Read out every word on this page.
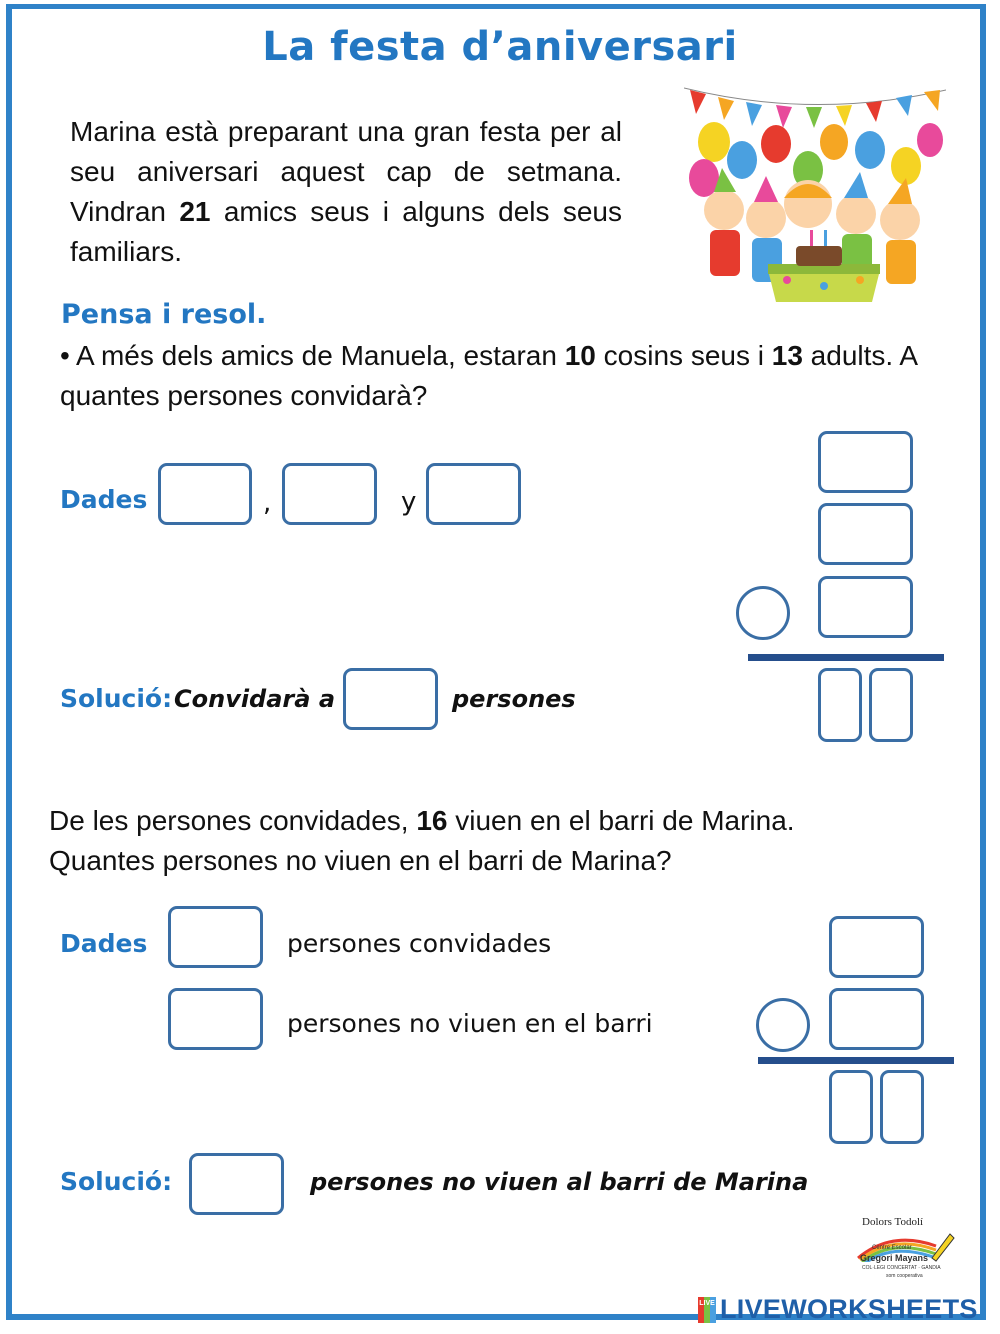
La festa d’aniversari
Marina està preparant una gran festa per al seu aniversari aquest cap de setmana. Vindran 21 amics seus i alguns dels seus familiars.
Pensa i resol.
• A més dels amics de Manuela, estaran 10 cosins seus i 13 adults. A quantes persones convidarà?
Dades	,	y
Solució: Convidarà a	persones
De les persones convidades, 16 viuen en el barri de Marina.
Quantes persones no viuen en el barri de Marina?
Dades	persones convidades
persones no viuen en el barri
Solució:	persones no viuen al barri de Marina
Dolors Todolí
Centre Escolar
Gregori Mayans
COL·LEGI CONCERTAT · GANDIA
som cooperativa
LIVE LIVEWORKSHEETS
